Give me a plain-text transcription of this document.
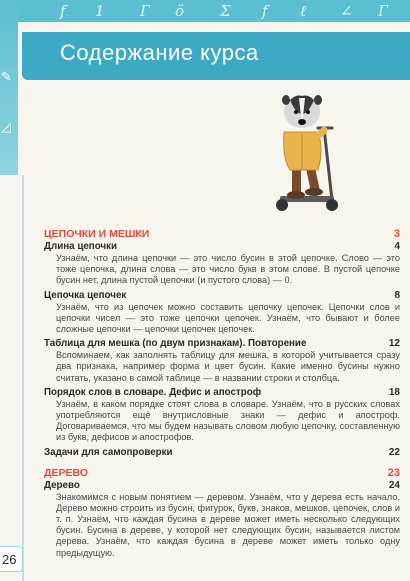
f 1 Г ö Σ f ℓ ∠ Г
✎
◿
Содержание курса
ЦЕПОЧКИ И МЕШКИ	3
Длина цепочки	4
Узнаём, что длина цепочки — это число бусин в этой цепочке. Слово — это тоже цепочка, длина слова — это число букв в этом слове. В пустой цепочке бусин нет, длина пустой цепочки (и пустого слова) — 0.
Цепочка цепочек	8
Узнаём, что из цепочек можно составить цепочку цепочек. Цепочки слов и цепочки чисел — это тоже цепочки цепочек. Узнаём, что бывают и более сложные цепочки — цепочки цепочек цепочек.
Таблица для мешка (по двум признакам). Повторение	12
Вспоминаем, как заполнять таблицу для мешка, в которой учитывается сразу два признака, например форма и цвет бусин. Какие именно бусины нужно считать, указано в самой таблице — в названии строки и столбца.
Порядок слов в словаре. Дефис и апостроф	18
Узнаём, в каком порядке стоят слова в словаре. Узнаём, что в русских словах употребляются ещё внутрисловные знаки — дефис и апостроф. Договариваемся, что мы будем называть словом любую цепочку, составленную из букв, дефисов и апострофов.
Задачи для самопроверки	22
ДЕРЕВО	23
Дерево	24
Знакомимся с новым понятием — деревом. Узнаём, что у дерева есть начало. Дерево можно строить из бусин, фигурок, букв, знаков, мешков, цепочек, слов и т. п. Узнаём, что каждая бусина в дереве может иметь несколько следующих бусин. Бусина в дереве, у которой нет следующих бусин, называется листом дерева. Узнаём, что каждая бусина в дереве может иметь только одну предыдущую.
26
